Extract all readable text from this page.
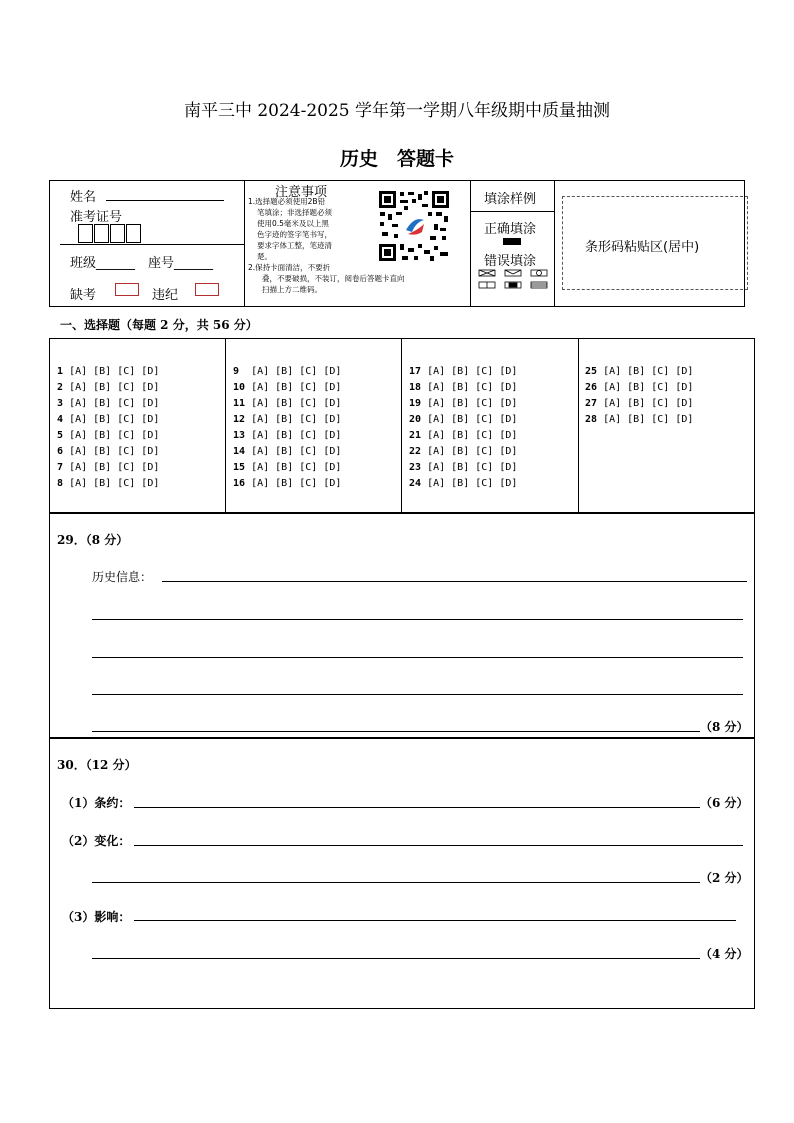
南平三中 2024-2025 学年第一学期八年级期中质量抽测
历史　答题卡
姓名
准考证号
班级______ 座号______
缺考	违纪
注意事项
1.选择题必须使用2B铅
笔填涂；非选择题必须
使用0.5毫米及以上黑
色字迹的签字笔书写，
要求字体工整，笔迹清
楚。
2.保持卡面清洁，不要折
叠，不要破损，不装订，阅卷后答题卡直向
扫描上方二维码。
填涂样例
正确填涂
错误填涂
条形码粘贴区(居中)
一、选择题（每题 2 分，共 56 分）
1 [A] [B] [C] [D]
2 [A] [B] [C] [D]
3 [A] [B] [C] [D]
4 [A] [B] [C] [D]
5 [A] [B] [C] [D]
6 [A] [B] [C] [D]
7 [A] [B] [C] [D]
8 [A] [B] [C] [D]
9 [A] [B] [C] [D]
10 [A] [B] [C] [D]
11 [A] [B] [C] [D]
12 [A] [B] [C] [D]
13 [A] [B] [C] [D]
14 [A] [B] [C] [D]
15 [A] [B] [C] [D]
16 [A] [B] [C] [D]
17 [A] [B] [C] [D]
18 [A] [B] [C] [D]
19 [A] [B] [C] [D]
20 [A] [B] [C] [D]
21 [A] [B] [C] [D]
22 [A] [B] [C] [D]
23 [A] [B] [C] [D]
24 [A] [B] [C] [D]
25 [A] [B] [C] [D]
26 [A] [B] [C] [D]
27 [A] [B] [C] [D]
28 [A] [B] [C] [D]
29．（8 分）
历史信息：
（8 分）
30．（12 分）
（1）条约：	（6 分）
（2）变化：
（2 分）
（3）影响：
（4 分）
